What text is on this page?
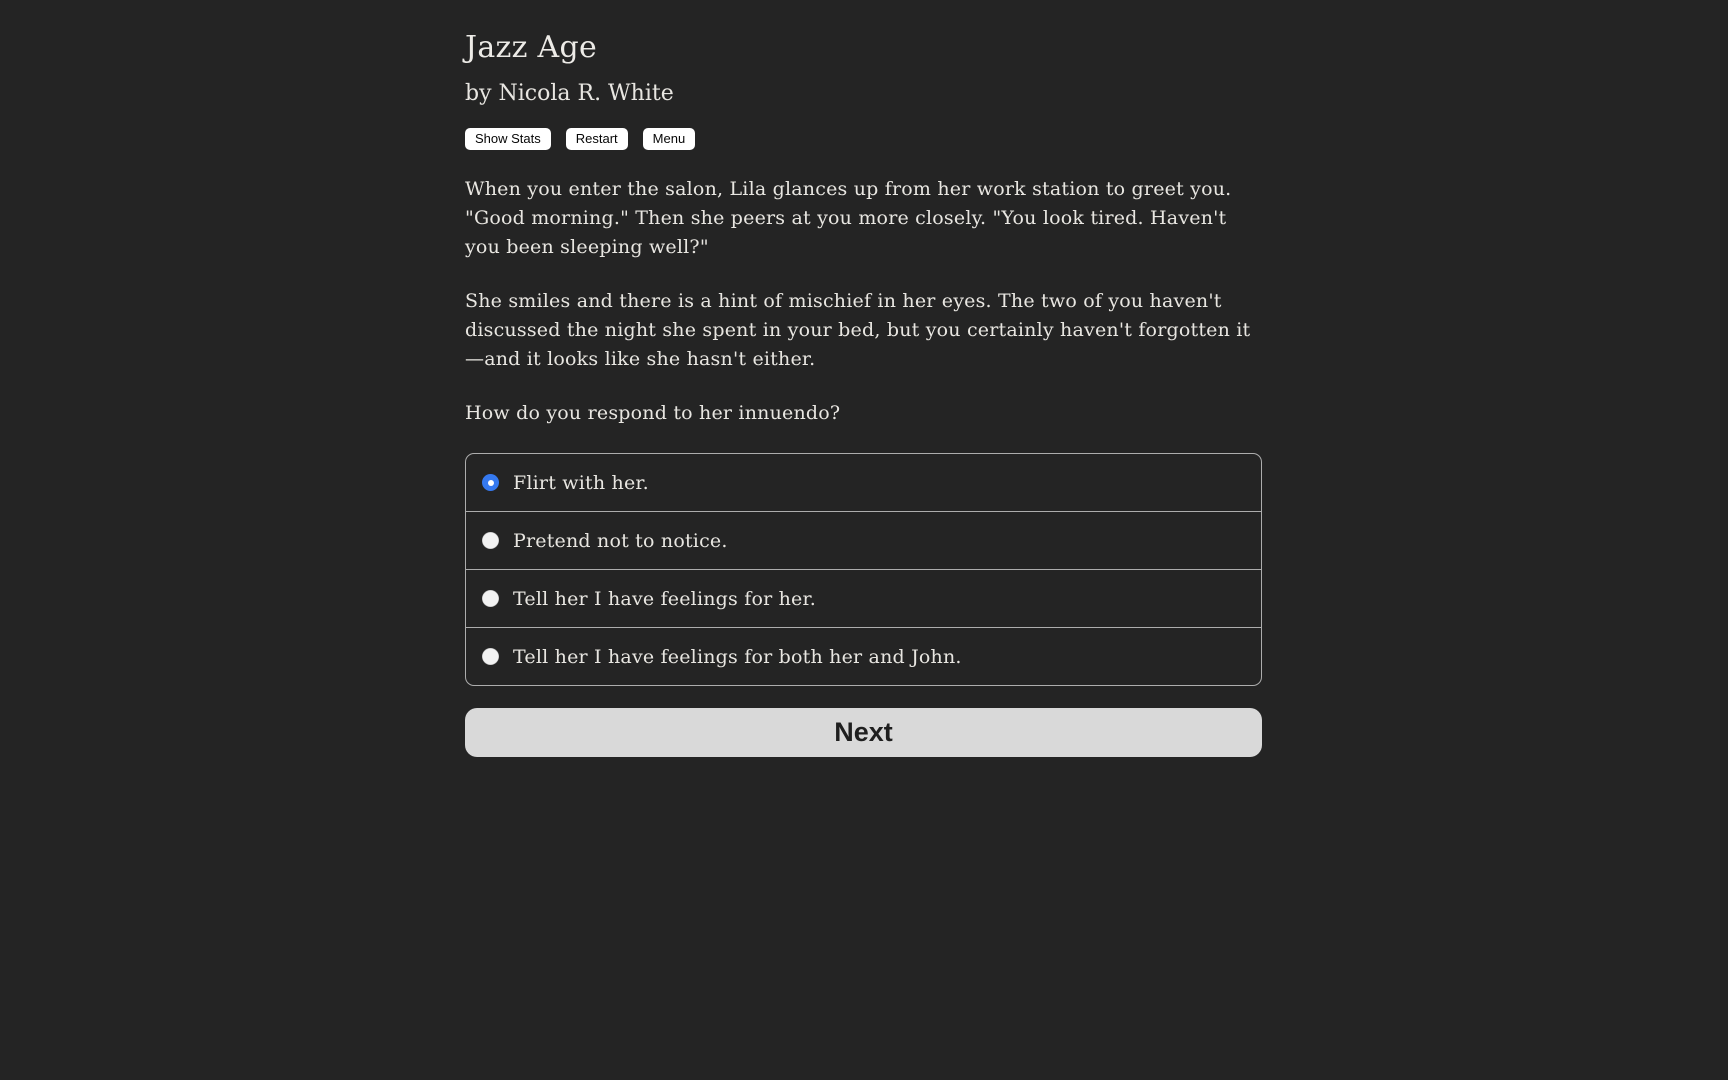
Jazz Age
by Nicola R. White
Show Stats	Restart	Menu

When you enter the salon, Lila glances up from her work station to greet you. "Good morning." Then she peers at you more closely. "You look tired. Haven't you been sleeping well?"

She smiles and there is a hint of mischief in her eyes. The two of you haven't discussed the night she spent in your bed, but you certainly haven't forgotten it—and it looks like she hasn't either.

How do you respond to her innuendo?

Flirt with her.
Pretend not to notice.
Tell her I have feelings for her.
Tell her I have feelings for both her and John.
Next
